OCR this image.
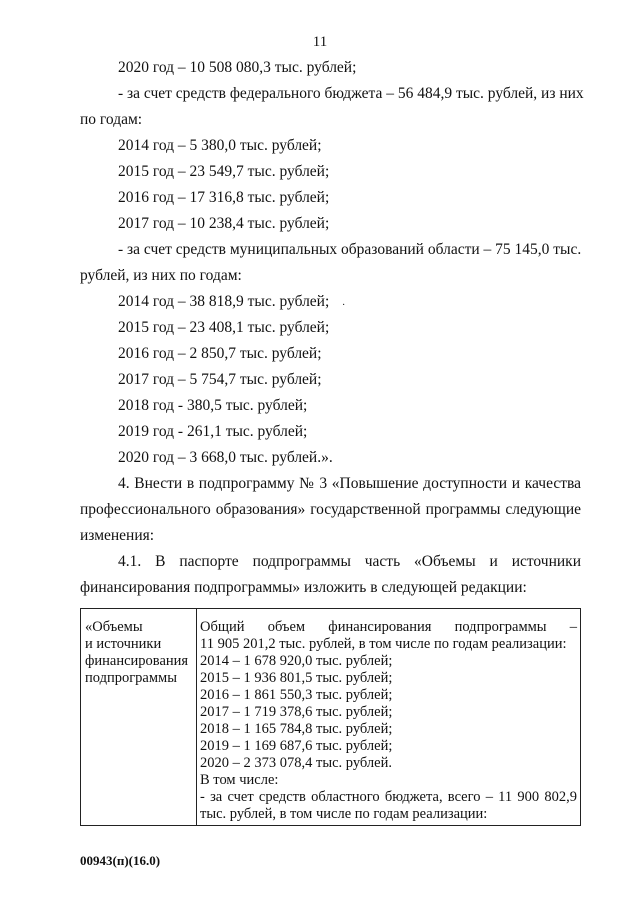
11
2020 год – 10 508 080,3 тыс. рублей;
- за счет средств федерального бюджета – 56 484,9 тыс. рублей, из них
по годам:
2014 год – 5 380,0 тыс. рублей;
2015 год – 23 549,7 тыс. рублей;
2016 год – 17 316,8 тыс. рублей;
2017 год – 10 238,4 тыс. рублей;
- за счет средств муниципальных образований области – 75 145,0 тыс.
рублей, из них по годам:
2014 год – 38 818,9 тыс. рублей; ·
2015 год – 23 408,1 тыс. рублей;
2016 год – 2 850,7 тыс. рублей;
2017 год – 5 754,7 тыс. рублей;
2018 год - 380,5 тыс. рублей;
2019 год - 261,1 тыс. рублей;
2020 год – 3 668,0 тыс. рублей.».
4. Внести в подпрограмму № 3 «Повышение доступности и качества
профессионального образования» государственной программы следующие
изменения:
4.1. В паспорте подпрограммы часть «Объемы и источники
финансирования подпрограммы» изложить в следующей редакции:
«Объемы
и источники
финансирования
подпрограммы

Общий объем финансирования подпрограммы –
11 905 201,2 тыс. рублей, в том числе по годам реализации:
2014 – 1 678 920,0 тыс. рублей;
2015 – 1 936 801,5 тыс. рублей;
2016 – 1 861 550,3 тыс. рублей;
2017 – 1 719 378,6 тыс. рублей;
2018 – 1 165 784,8 тыс. рублей;
2019 – 1 169 687,6 тыс. рублей;
2020 – 2 373 078,4 тыс. рублей.
В том числе:
- за счет средств областного бюджета, всего – 11 900 802,9
тыс. рублей, в том числе по годам реализации:
00943(п)(16.0)
